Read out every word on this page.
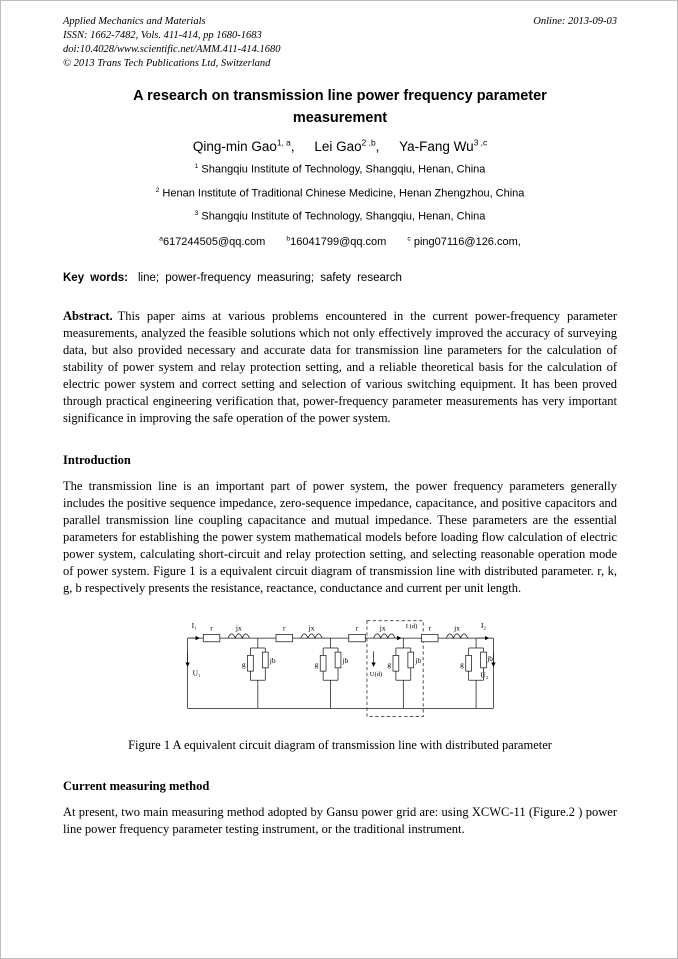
Applied Mechanics and Materials
ISSN: 1662-7482, Vols. 411-414, pp 1680-1683
doi:10.4028/www.scientific.net/AMM.411-414.1680
© 2013 Trans Tech Publications Ltd, Switzerland
Online: 2013-09-03
A research on transmission line power frequency parameter measurement
Qing-min Gao$^{1, a}$, Lei Gao$^{2 ,b}$, Ya-Fang Wu$^{3 ,c}$
$^1$ Shangqiu Institute of Technology, Shangqiu, Henan, China
$^2$ Henan Institute of Traditional Chinese Medicine, Henan Zhengzhou, China
$^3$ Shangqiu Institute of Technology, Shangqiu, Henan, China
$^a$617244505@qq.com	$^b$16041799@qq.com	$^c$ ping07116@126.com,
Key words: line; power-frequency measuring; safety research

Abstract. This paper aims at various problems encountered in the current power-frequency parameter measurements, analyzed the feasible solutions which not only effectively improved the accuracy of surveying data, but also provided necessary and accurate data for transmission line parameters for the calculation of stability of power system and relay protection setting, and a reliable theoretical basis for the calculation of electric power system and correct setting and selection of various switching equipment. It has been proved through practical engineering verification that, power-frequency parameter measurements has very important significance in improving the safe operation of the power system.

Introduction

The transmission line is an important part of power system, the power frequency parameters generally includes the positive sequence impedance, zero-sequence impedance, capacitance, and positive capacitors and parallel transmission line coupling capacitance and mutual impedance. These parameters are the essential parameters for establishing the power system mathematical models before loading flow calculation of electric power system, calculating short-circuit and relay protection setting, and selecting reasonable operation mode of power system. Figure 1 is a equivalent circuit diagram of transmission line with distributed parameter. r, k, g, b respectively presents the resistance, reactance, conductance and current per unit length.

I₁	I₂
U₁	U₂
r	r	r	r
jx	jx	jx	jx
g	g	g	g
jb	jb	jb	jb
I (d)
U(d)
Figure 1 A equivalent circuit diagram of transmission line with distributed parameter
Current measuring method

At present, two main measuring method adopted by Gansu power grid are: using XCWC-11 (Figure.2 ) power line power frequency parameter testing instrument, or the traditional instrument.
